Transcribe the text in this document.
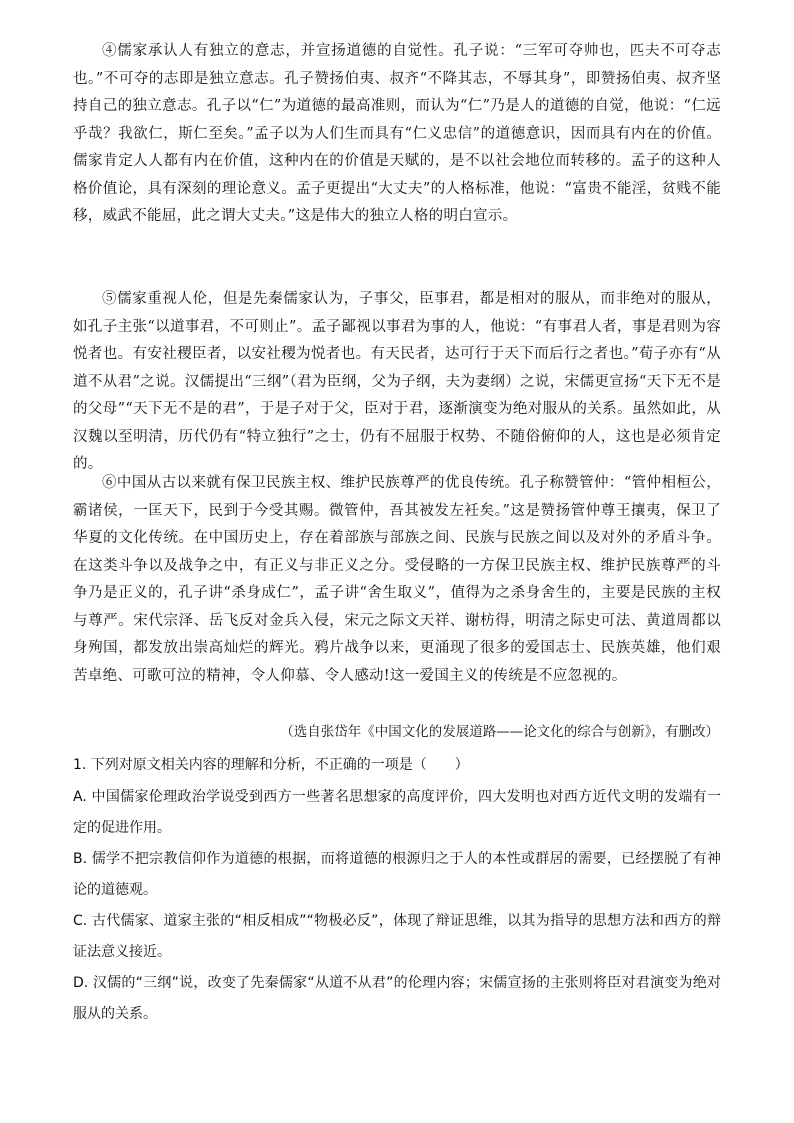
④儒家承认人有独立的意志，并宣扬道德的自觉性。孔子说：“三军可夺帅也，匹夫不可夺志也。”不可夺的志即是独立意志。孔子赞扬伯夷、叔齐“不降其志，不辱其身”，即赞扬伯夷、叔齐坚持自己的独立意志。孔子以“仁”为道德的最高准则，而认为“仁”乃是人的道德的自觉，他说：“仁远乎哉？我欲仁，斯仁至矣。”孟子以为人们生而具有“仁义忠信”的道德意识，因而具有内在的价值。儒家肯定人人都有内在价值，这种内在的价值是天赋的，是不以社会地位而转移的。孟子的这种人格价值论，具有深刻的理论意义。孟子更提出“大丈夫”的人格标准，他说：“富贵不能淫，贫贱不能移，威武不能屈，此之谓大丈夫。”这是伟大的独立人格的明白宣示。
⑤儒家重视人伦，但是先秦儒家认为，子事父，臣事君，都是相对的服从，而非绝对的服从，如孔子主张“以道事君，不可则止”。孟子鄙视以事君为事的人，他说：“有事君人者，事是君则为容悦者也。有安社稷臣者，以安社稷为悦者也。有天民者，达可行于天下而后行之者也。”荀子亦有“从道不从君”之说。汉儒提出“三纲”（君为臣纲，父为子纲，夫为妻纲）之说，宋儒更宣扬“天下无不是的父母”“天下无不是的君”，于是子对于父，臣对于君，逐渐演变为绝对服从的关系。虽然如此，从汉魏以至明清，历代仍有“特立独行”之士，仍有不屈服于权势、不随俗俯仰的人，这也是必须肯定的。
⑥中国从古以来就有保卫民族主权、维护民族尊严的优良传统。孔子称赞管仲：“管仲相桓公，霸诸侯，一匡天下，民到于今受其赐。微管仲，吾其被发左衽矣。”这是赞扬管仲尊王攘夷，保卫了华夏的文化传统。在中国历史上，存在着部族与部族之间、民族与民族之间以及对外的矛盾斗争。在这类斗争以及战争之中，有正义与非正义之分。受侵略的一方保卫民族主权、维护民族尊严的斗争乃是正义的，孔子讲“杀身成仁”，孟子讲“舍生取义”，值得为之杀身舍生的，主要是民族的主权与尊严。宋代宗泽、岳飞反对金兵入侵，宋元之际文天祥、谢枋得，明清之际史可法、黄道周都以身殉国，都发放出崇高灿烂的辉光。鸦片战争以来，更涌现了很多的爱国志士、民族英雄，他们艰苦卓绝、可歌可泣的精神，令人仰慕、令人感动!这一爱国主义的传统是不应忽视的。
（选自张岱年《中国文化的发展道路——论文化的综合与创新》，有删改）
1. 下列对原文相关内容的理解和分析，不正确的一项是（　　）
A. 中国儒家伦理政治学说受到西方一些著名思想家的高度评价，四大发明也对西方近代文明的发端有一定的促进作用。
B. 儒学不把宗教信仰作为道德的根据，而将道德的根源归之于人的本性或群居的需要，已经摆脱了有神论的道德观。
C. 古代儒家、道家主张的“相反相成”“物极必反”，体现了辩证思维，以其为指导的思想方法和西方的辩证法意义接近。
D. 汉儒的“三纲”说，改变了先秦儒家“从道不从君”的伦理内容；宋儒宣扬的主张则将臣对君演变为绝对服从的关系。
